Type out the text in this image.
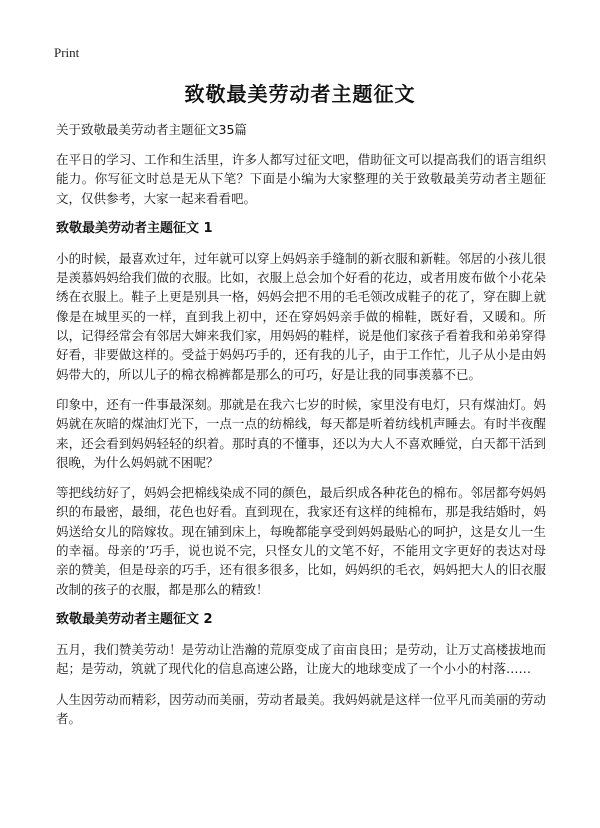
Print
致敬最美劳动者主题征文

关于致敬最美劳动者主题征文35篇

在平日的学习、工作和生活里，许多人都写过征文吧，借助征文可以提高我们的语言组织能力。你写征文时总是无从下笔？下面是小编为大家整理的关于致敬最美劳动者主题征文，仅供参考，大家一起来看看吧。

致敬最美劳动者主题征文 1

小的时候，最喜欢过年，过年就可以穿上妈妈亲手缝制的新衣服和新鞋。邻居的小孩儿很是羡慕妈妈给我们做的衣服。比如，衣服上总会加个好看的花边，或者用废布做个小花朵绣在衣服上。鞋子上更是别具一格，妈妈会把不用的毛毛领改成鞋子的花了，穿在脚上就像是在城里买的一样，直到我上初中，还在穿妈妈亲手做的棉鞋，既好看，又暖和。所以，记得经常会有邻居大婶来我们家，用妈妈的鞋样，说是他们家孩子看着我和弟弟穿得好看，非要做这样的。受益于妈妈巧手的，还有我的儿子，由于工作忙，儿子从小是由妈妈带大的，所以儿子的棉衣棉裤都是那么的可巧，好是让我的同事羡慕不已。

印象中，还有一件事最深刻。那就是在我六七岁的时候，家里没有电灯，只有煤油灯。妈妈就在灰暗的煤油灯光下，一点一点的纺棉线，每天都是听着纺线机声睡去。有时半夜醒来，还会看到妈妈轻轻的织着。那时真的不懂事，还以为大人不喜欢睡觉，白天都干活到很晚，为什么妈妈就不困呢？

等把线纺好了，妈妈会把棉线染成不同的颜色，最后织成各种花色的棉布。邻居都夸妈妈织的布最密，最细，花色也好看。直到现在，我家还有这样的纯棉布，那是我结婚时，妈妈送给女儿的陪嫁妆。现在铺到床上，每晚都能享受到妈妈最贴心的呵护，这是女儿一生的幸福。母亲的’巧手，说也说不完，只怪女儿的文笔不好，不能用文字更好的表达对母亲的赞美，但是母亲的巧手，还有很多很多，比如，妈妈织的毛衣，妈妈把大人的旧衣服改制的孩子的衣服，都是那么的精致！

致敬最美劳动者主题征文 2

五月，我们赞美劳动！是劳动让浩瀚的荒原变成了亩亩良田；是劳动，让万丈高楼拔地而起；是劳动，筑就了现代化的信息高速公路，让庞大的地球变成了一个小小的村落……

人生因劳动而精彩，因劳动而美丽，劳动者最美。我妈妈就是这样一位平凡而美丽的劳动者。
